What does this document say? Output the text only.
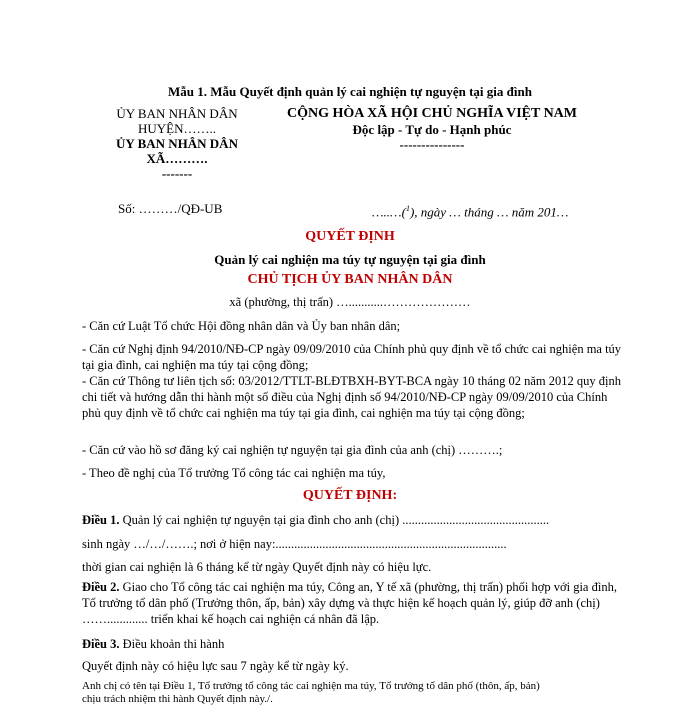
Mẫu 1. Mẫu Quyết định quản lý cai nghiện tự nguyện tại gia đình
ỦY BAN NHÂN DÂN
HUYỆN……..
ỦY BAN NHÂN DÂN
XÃ……….
-------
CỘNG HÒA XÃ HỘI CHỦ NGHĨA VIỆT NAM
Độc lập - Tự do - Hạnh phúc
---------------
Số: ………/QĐ-UB	…..…($^1$), ngày … tháng … năm 201…
QUYẾT ĐỊNH
Quản lý cai nghiện ma túy tự nguyện tại gia đình
CHỦ TỊCH ỦY BAN NHÂN DÂN
xã (phường, thị trấn) …...........…………………
- Căn cứ Luật Tổ chức Hội đồng nhân dân và Ủy ban nhân dân;
- Căn cứ Nghị định 94/2010/NĐ-CP ngày 09/09/2010 của Chính phủ quy định về tổ chức cai nghiện ma túy tại gia đình, cai nghiện ma túy tại cộng đồng;
- Căn cứ Thông tư liên tịch số: 03/2012/TTLT-BLĐTBXH-BYT-BCA ngày 10 tháng 02 năm 2012 quy định chi tiết và hướng dẫn thi hành một số điều của Nghị định số 94/2010/NĐ-CP ngày 09/09/2010 của Chính phủ quy định về tổ chức cai nghiện ma túy tại gia đình, cai nghiện ma túy tại cộng đồng;
- Căn cứ vào hồ sơ đăng ký cai nghiện tự nguyện tại gia đình của anh (chị) ……….;
- Theo đề nghị của Tổ trưởng Tổ công tác cai nghiện ma túy,
QUYẾT ĐỊNH:
Điều 1. Quản lý cai nghiện tự nguyện tại gia đình cho anh (chị) ...............................................
sinh ngày …/…/…….; nơi ở hiện nay:..........................................................................
thời gian cai nghiện là 6 tháng kể từ ngày Quyết định này có hiệu lực.
Điều 2. Giao cho Tổ công tác cai nghiện ma túy, Công an, Y tế xã (phường, thị trấn) phối hợp với gia đình, Tổ trưởng tổ dân phố (Trưởng thôn, ấp, bản) xây dựng và thực hiện kế hoạch quản lý, giúp đỡ anh (chị) ……............. triển khai kế hoạch cai nghiện cá nhân đã lập.
Điều 3. Điều khoản thi hành
Quyết định này có hiệu lực sau 7 ngày kể từ ngày ký.
Anh chị có tên tại Điều 1, Tổ trưởng tổ công tác cai nghiện ma túy, Tổ trưởng tổ dân phố (thôn, ấp, bản)
chịu trách nhiệm thi hành Quyết định này./.
